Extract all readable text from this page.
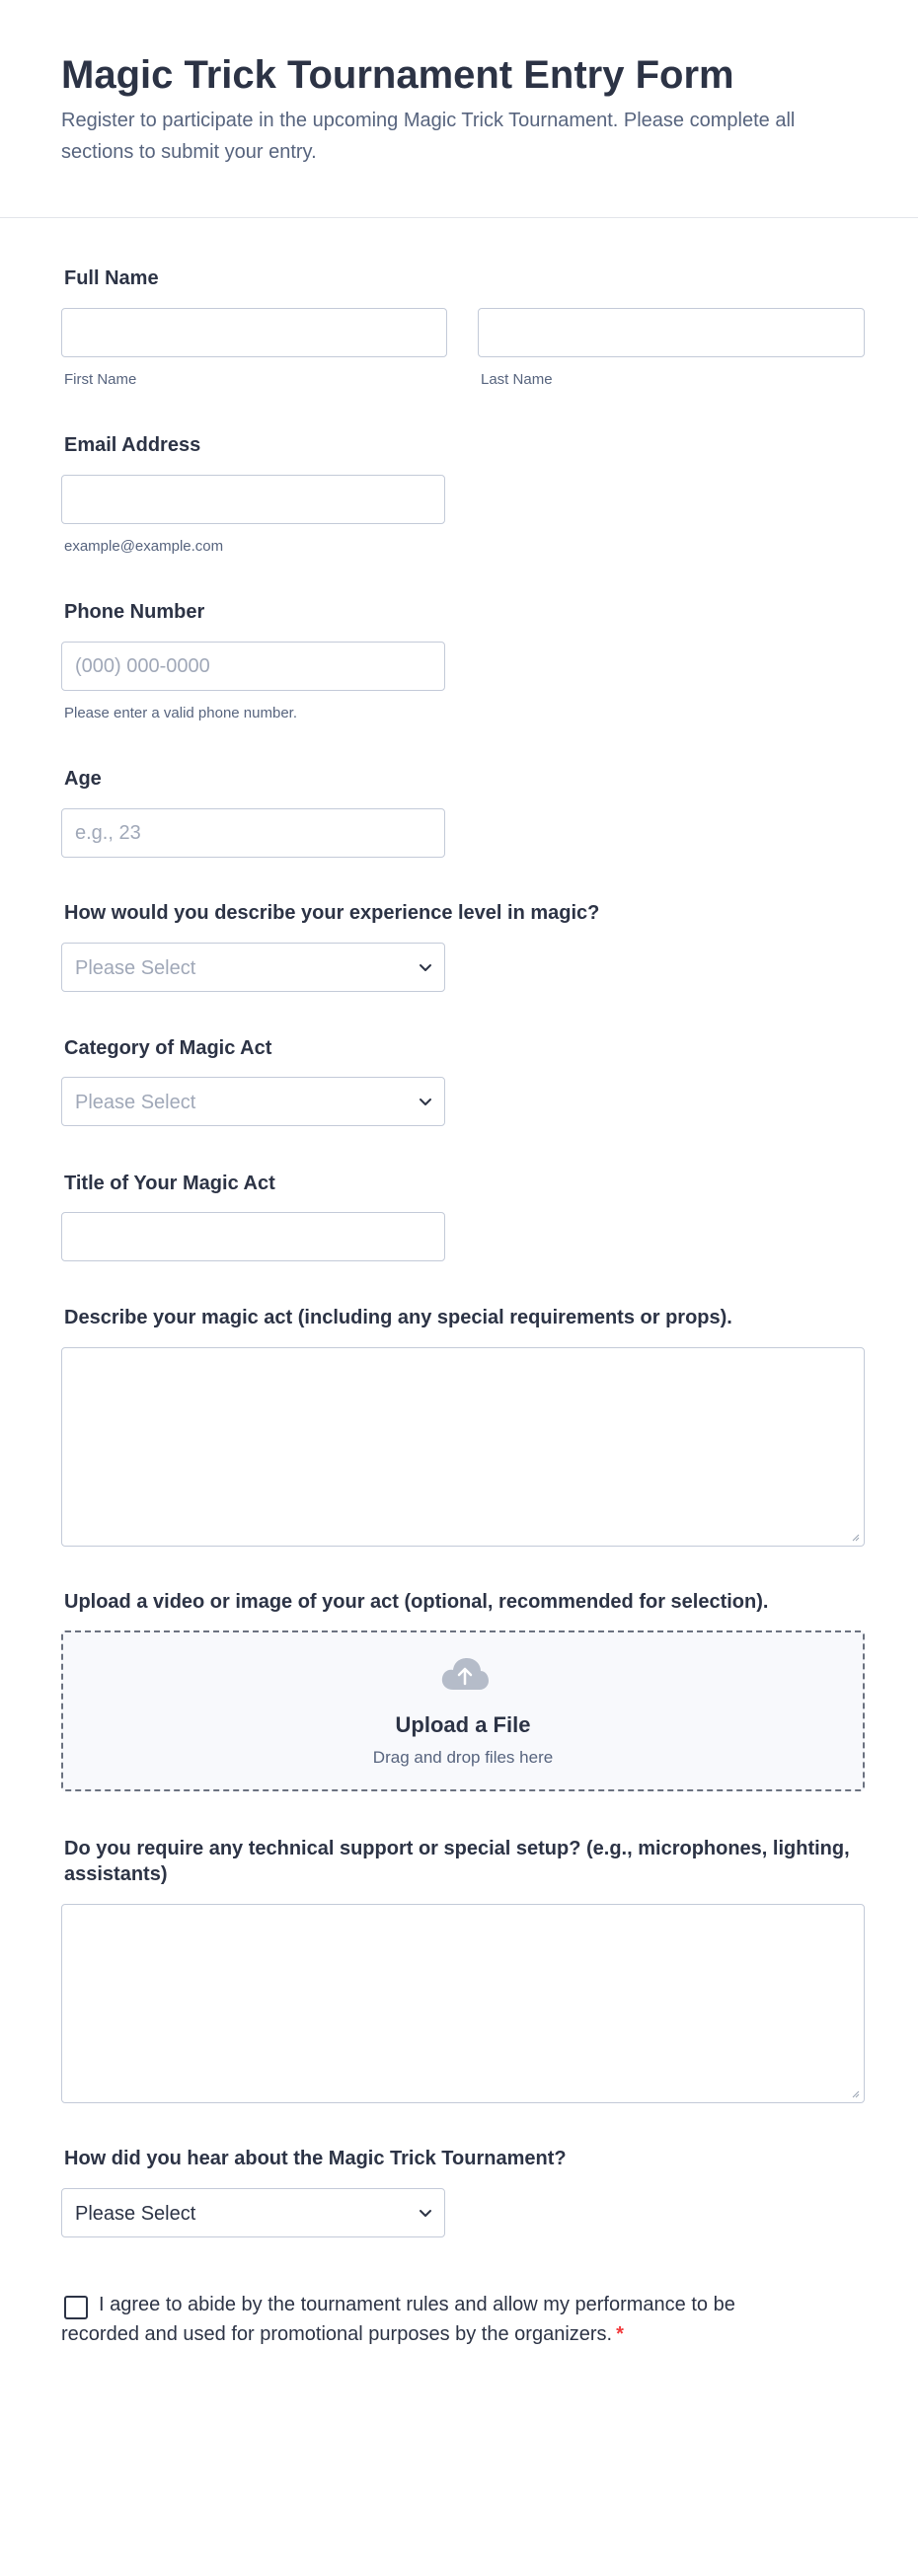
Magic Trick Tournament Entry Form

Register to participate in the upcoming Magic Trick Tournament. Please complete all sections to submit your entry.

Full Name
First Name	Last Name
Email Address
example@example.com
Phone Number
(000) 000-0000
Please enter a valid phone number.
Age
e.g., 23
How would you describe your experience level in magic?
Please Select
Category of Magic Act
Please Select
Title of Your Magic Act
Describe your magic act (including any special requirements or props).
Upload a video or image of your act (optional, recommended for selection).
Upload a File
Drag and drop files here
Do you require any technical support or special setup? (e.g., microphones, lighting, assistants)
How did you hear about the Magic Trick Tournament?
Please Select
I agree to abide by the tournament rules and allow my performance to be recorded and used for promotional purposes by the organizers. *
